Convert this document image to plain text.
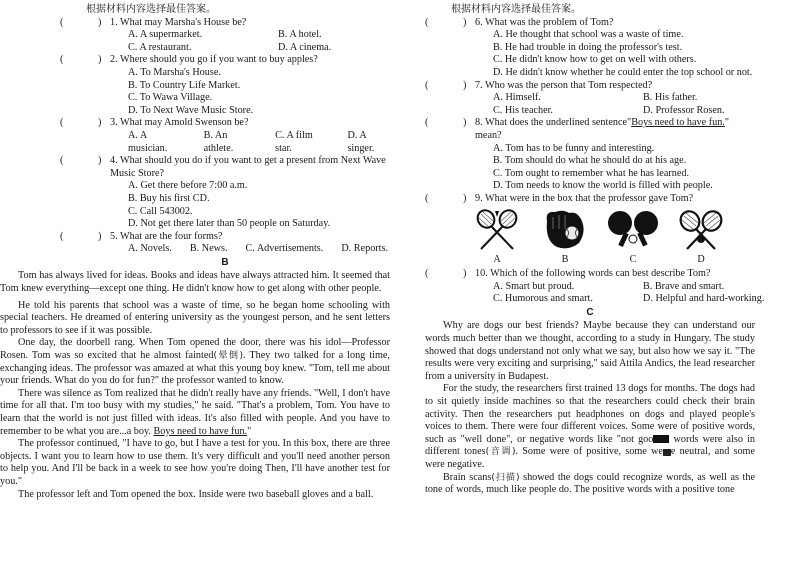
根据材料内容选择最佳答案。

(	) 1. What may Marsha's House be?

A. A supermarket.	B. A hotel.
C. A restaurant.	D. A cinema.
(	) 2. Where should you go if you want to buy apples?

A. To Marsha's House.
B. To Country Life Market.
C. To Wawa Village.
D. To Next Wave Music Store.
(	) 3. What may Amold Swenson be?

A. A musician.
B. An athlete.
C. A film star.
D. A singer.
(	) 4. What should you do if you want to get a present from Next Wave Music Store?

A. Get there before 7:00 a.m.
B. Buy his first CD.
C. Call 543002.
D. Not get there later than 50 people on Saturday.
(	) 5. What are the four forms?

A. Novels. B. News. C. Advertisements. D. Reports.

B

Tom has always lived for ideas. Books and ideas have always attracted him. It seemed that Tom knew everything—except one thing. He didn't know how to get along with other people.

He told his parents that school was a waste of time, so he began home schooling with special teachers. He dreamed of entering university as the youngest person, and he sent letters to professors to see if it was possible.

One day, the doorbell rang. When Tom opened the door, there was his idol—Professor Rosen. Tom was so excited that he almost fainted(晕倒). They two talked for a long time, exchanging ideas. The professor was amazed at what this young boy knew. "Tom, tell me about your friends. What do you do for fun?" the professor wanted to know.

There was silence as Tom realized that he didn't really have any friends. "Well, I don't have time for all that. I'm too busy with my studies," he said. "That's a problem, Tom. You have to learn that the world is not just filled with ideas. It's also filled with people. And you have to remember to be what you are...a boy. Boys need to have fun."

The professor continued, "I have to go, but I have a test for you. In this box, there are three objects. I want you to learn how to use them. It's very difficult and you'll need another person to help you. And I'll be back in a week to see how you're doing Then, I'll have another test for you."

The professor left and Tom opened the box. Inside were two baseball gloves and a ball.

根据材料内容选择最佳答案。

(	) 6. What was the problem of Tom?

A. He thought that school was a waste of time.
B. He had trouble in doing the professor's test.
C. He didn't know how to get on well with others.
D. He didn't know whether he could enter the top school or not.
(	) 7. Who was the person that Tom respected?

A. Himself.	B. His father.
C. His teacher.	D. Professor Rosen.
(	) 8. What does the underlined sentence"Boys need to have fun." mean?

A. Tom has to be funny and interesting.
B. Tom should do what he should do at his age.
C. Tom ought to remember what he has learned.
D. Tom needs to know the world is filled with people.
(	) 9. What were in the box that the professor gave Tom?

A	B	C	D
(	) 10. Which of the following words can best describe Tom?

A. Smart but proud.	B. Brave and smart.
C. Humorous and smart.	D. Helpful and hard-working.

C

Why are dogs our best friends? Maybe because they can understand our words much better than we thought, according to a study in Hungary. The study showed that dogs understand not only what we say, but also how we say it. "The results were very exciting and surprising," said Attila Andics, the lead researcher from a university in Budapest.

For the study, the researchers first trained 13 dogs for months. The dogs had to sit quietly inside machines so that the researchers could check their brain activity. Then the researchers put headphones on dogs and played people's voices to them. There were four different voices. Some were of positive words, such as "well done", or negative words like "not goo words were also in different tones(音调). Some were of positive, some we e neutral, and some were negative.

Brain scans(扫描) showed the dogs could recognize words, as well as the tone of words, much like people do. The positive words with a positive tone
